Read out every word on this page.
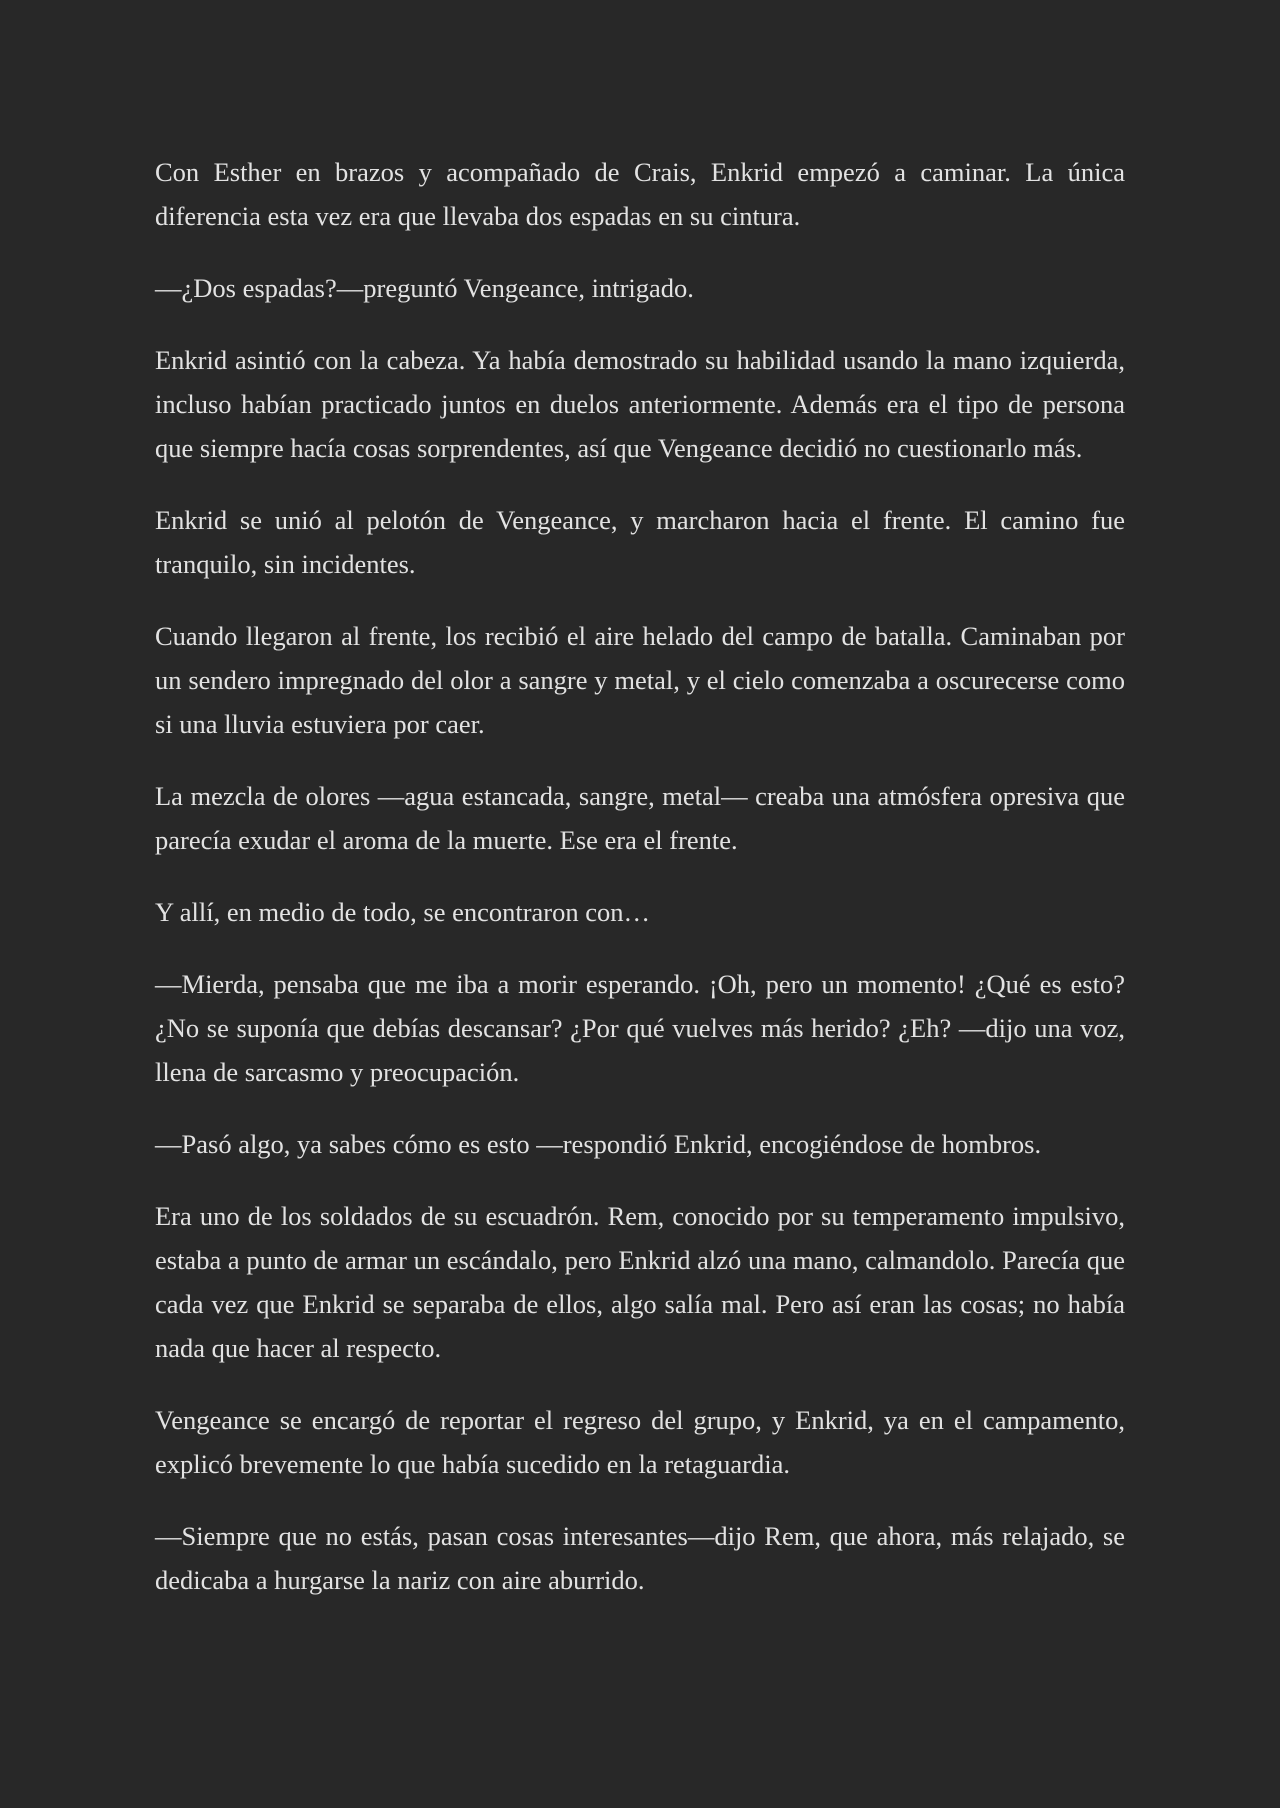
Con Esther en brazos y acompañado de Crais, Enkrid empezó a caminar. La única diferencia esta vez era que llevaba dos espadas en su cintura.

—¿Dos espadas?—preguntó Vengeance, intrigado.

Enkrid asintió con la cabeza. Ya había demostrado su habilidad usando la mano izquierda, incluso habían practicado juntos en duelos anteriormente. Además era el tipo de persona que siempre hacía cosas sorprendentes, así que Vengeance decidió no cuestionarlo más.

Enkrid se unió al pelotón de Vengeance, y marcharon hacia el frente. El camino fue tranquilo, sin incidentes.

Cuando llegaron al frente, los recibió el aire helado del campo de batalla. Caminaban por un sendero impregnado del olor a sangre y metal, y el cielo comenzaba a oscurecerse como si una lluvia estuviera por caer.

La mezcla de olores —agua estancada, sangre, metal— creaba una atmósfera opresiva que parecía exudar el aroma de la muerte. Ese era el frente.

Y allí, en medio de todo, se encontraron con…

—Mierda, pensaba que me iba a morir esperando. ¡Oh, pero un momento! ¿Qué es esto? ¿No se suponía que debías descansar? ¿Por qué vuelves más herido? ¿Eh? —dijo una voz, llena de sarcasmo y preocupación.

—Pasó algo, ya sabes cómo es esto —respondió Enkrid, encogiéndose de hombros.

Era uno de los soldados de su escuadrón. Rem, conocido por su temperamento impulsivo, estaba a punto de armar un escándalo, pero Enkrid alzó una mano, calmandolo. Parecía que cada vez que Enkrid se separaba de ellos, algo salía mal. Pero así eran las cosas; no había nada que hacer al respecto.

Vengeance se encargó de reportar el regreso del grupo, y Enkrid, ya en el campamento, explicó brevemente lo que había sucedido en la retaguardia.

—Siempre que no estás, pasan cosas interesantes—dijo Rem, que ahora, más relajado, se dedicaba a hurgarse la nariz con aire aburrido.
